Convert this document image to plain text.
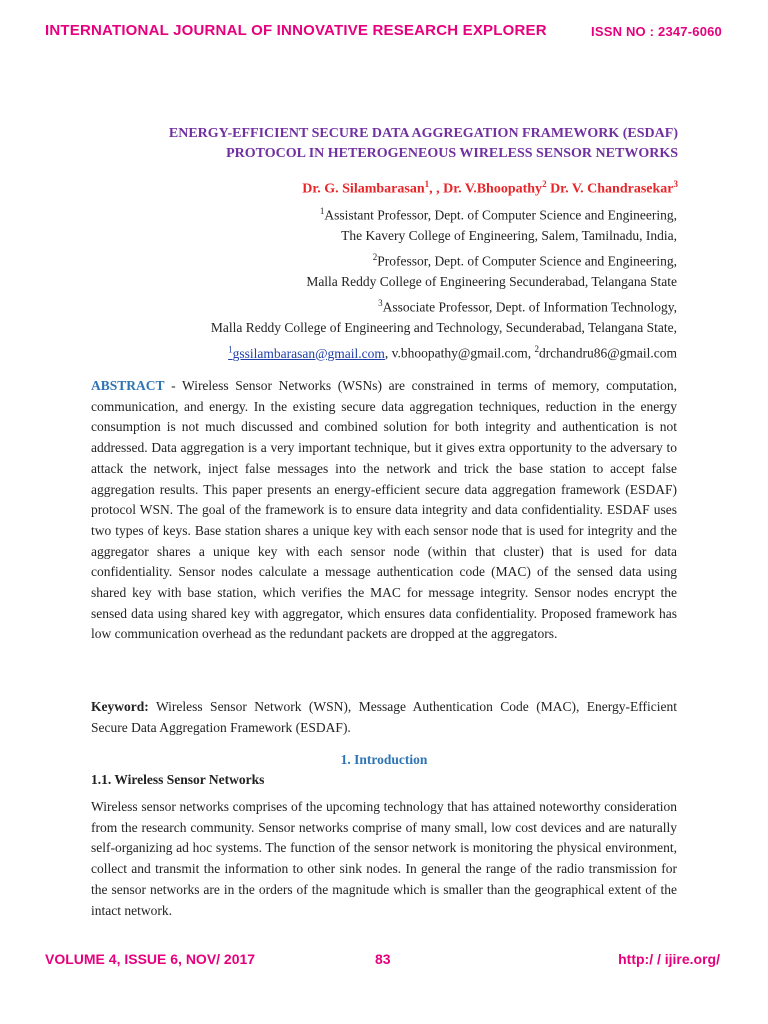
INTERNATIONAL JOURNAL OF INNOVATIVE RESEARCH EXPLORER	ISSN NO : 2347-6060
ENERGY-EFFICIENT SECURE DATA AGGREGATION FRAMEWORK (ESDAF)
PROTOCOL IN HETEROGENEOUS WIRELESS SENSOR NETWORKS
Dr. G. Silambarasan$^1$, , Dr. V.Bhoopathy$^2$ Dr. V. Chandrasekar$^3$
$^1$Assistant Professor, Dept. of Computer Science and Engineering,
The Kavery College of Engineering, Salem, Tamilnadu, India,
$^2$Professor, Dept. of Computer Science and Engineering,
Malla Reddy College of Engineering Secunderabad, Telangana State
$^3$Associate Professor, Dept. of Information Technology,
Malla Reddy College of Engineering and Technology, Secunderabad, Telangana State,
$^1$gssilambarasan@gmail.com, v.bhoopathy@gmail.com, $^2$drchandru86@gmail.com
ABSTRACT - Wireless Sensor Networks (WSNs) are constrained in terms of memory, computation, communication, and energy. In the existing secure data aggregation techniques, reduction in the energy consumption is not much discussed and combined solution for both integrity and authentication is not addressed. Data aggregation is a very important technique, but it gives extra opportunity to the adversary to attack the network, inject false messages into the network and trick the base station to accept false aggregation results. This paper presents an energy-efficient secure data aggregation framework (ESDAF) protocol WSN. The goal of the framework is to ensure data integrity and data confidentiality. ESDAF uses two types of keys. Base station shares a unique key with each sensor node that is used for integrity and the aggregator shares a unique key with each sensor node (within that cluster) that is used for data confidentiality. Sensor nodes calculate a message authentication code (MAC) of the sensed data using shared key with base station, which verifies the MAC for message integrity. Sensor nodes encrypt the sensed data using shared key with aggregator, which ensures data confidentiality. Proposed framework has low communication overhead as the redundant packets are dropped at the aggregators.
Keyword: Wireless Sensor Network (WSN), Message Authentication Code (MAC), Energy-Efficient Secure Data Aggregation Framework (ESDAF).
1. Introduction
1.1. Wireless Sensor Networks
Wireless sensor networks comprises of the upcoming technology that has attained noteworthy consideration from the research community. Sensor networks comprise of many small, low cost devices and are naturally self-organizing ad hoc systems. The function of the sensor network is monitoring the physical environment, collect and transmit the information to other sink nodes. In general the range of the radio transmission for the sensor networks are in the orders of the magnitude which is smaller than the geographical extent of the intact network.
VOLUME 4, ISSUE 6, NOV/ 2017	83	http:/ / ijire.org/
